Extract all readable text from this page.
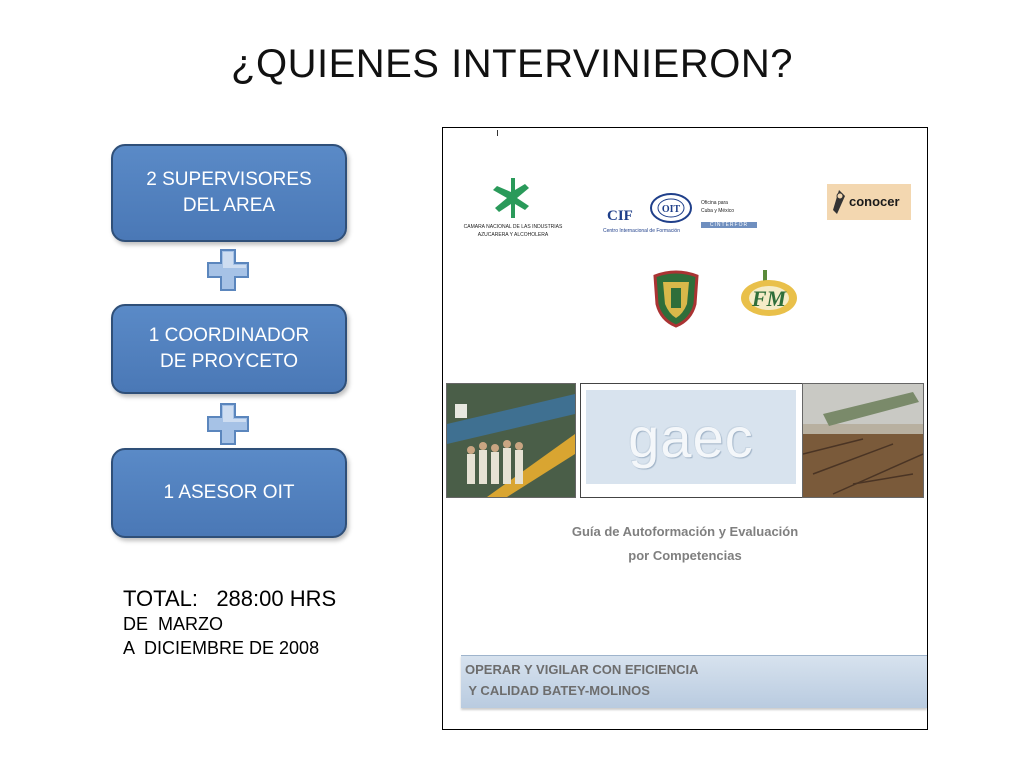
¿QUIENES INTERVINIERON?
2 SUPERVISORES
DEL AREA
1 COORDINADOR
DE PROYCETO
1 ASESOR OIT
TOTAL:   288:00 HRS
DE  MARZO
A  DICIEMBRE DE 2008
CAMARA NACIONAL DE LAS INDUSTRIAS
AZUCARERA Y ALCOHOLERA
CIF	OIT
Centro Internacional de Formación
Oficina para
Cuba y México
CINTERFOR
conocer
FM
gaec
Guía de Autoformación y Evaluación
por Competencias
OPERAR Y VIGILAR CON EFICIENCIA
Y CALIDAD BATEY-MOLINOS
